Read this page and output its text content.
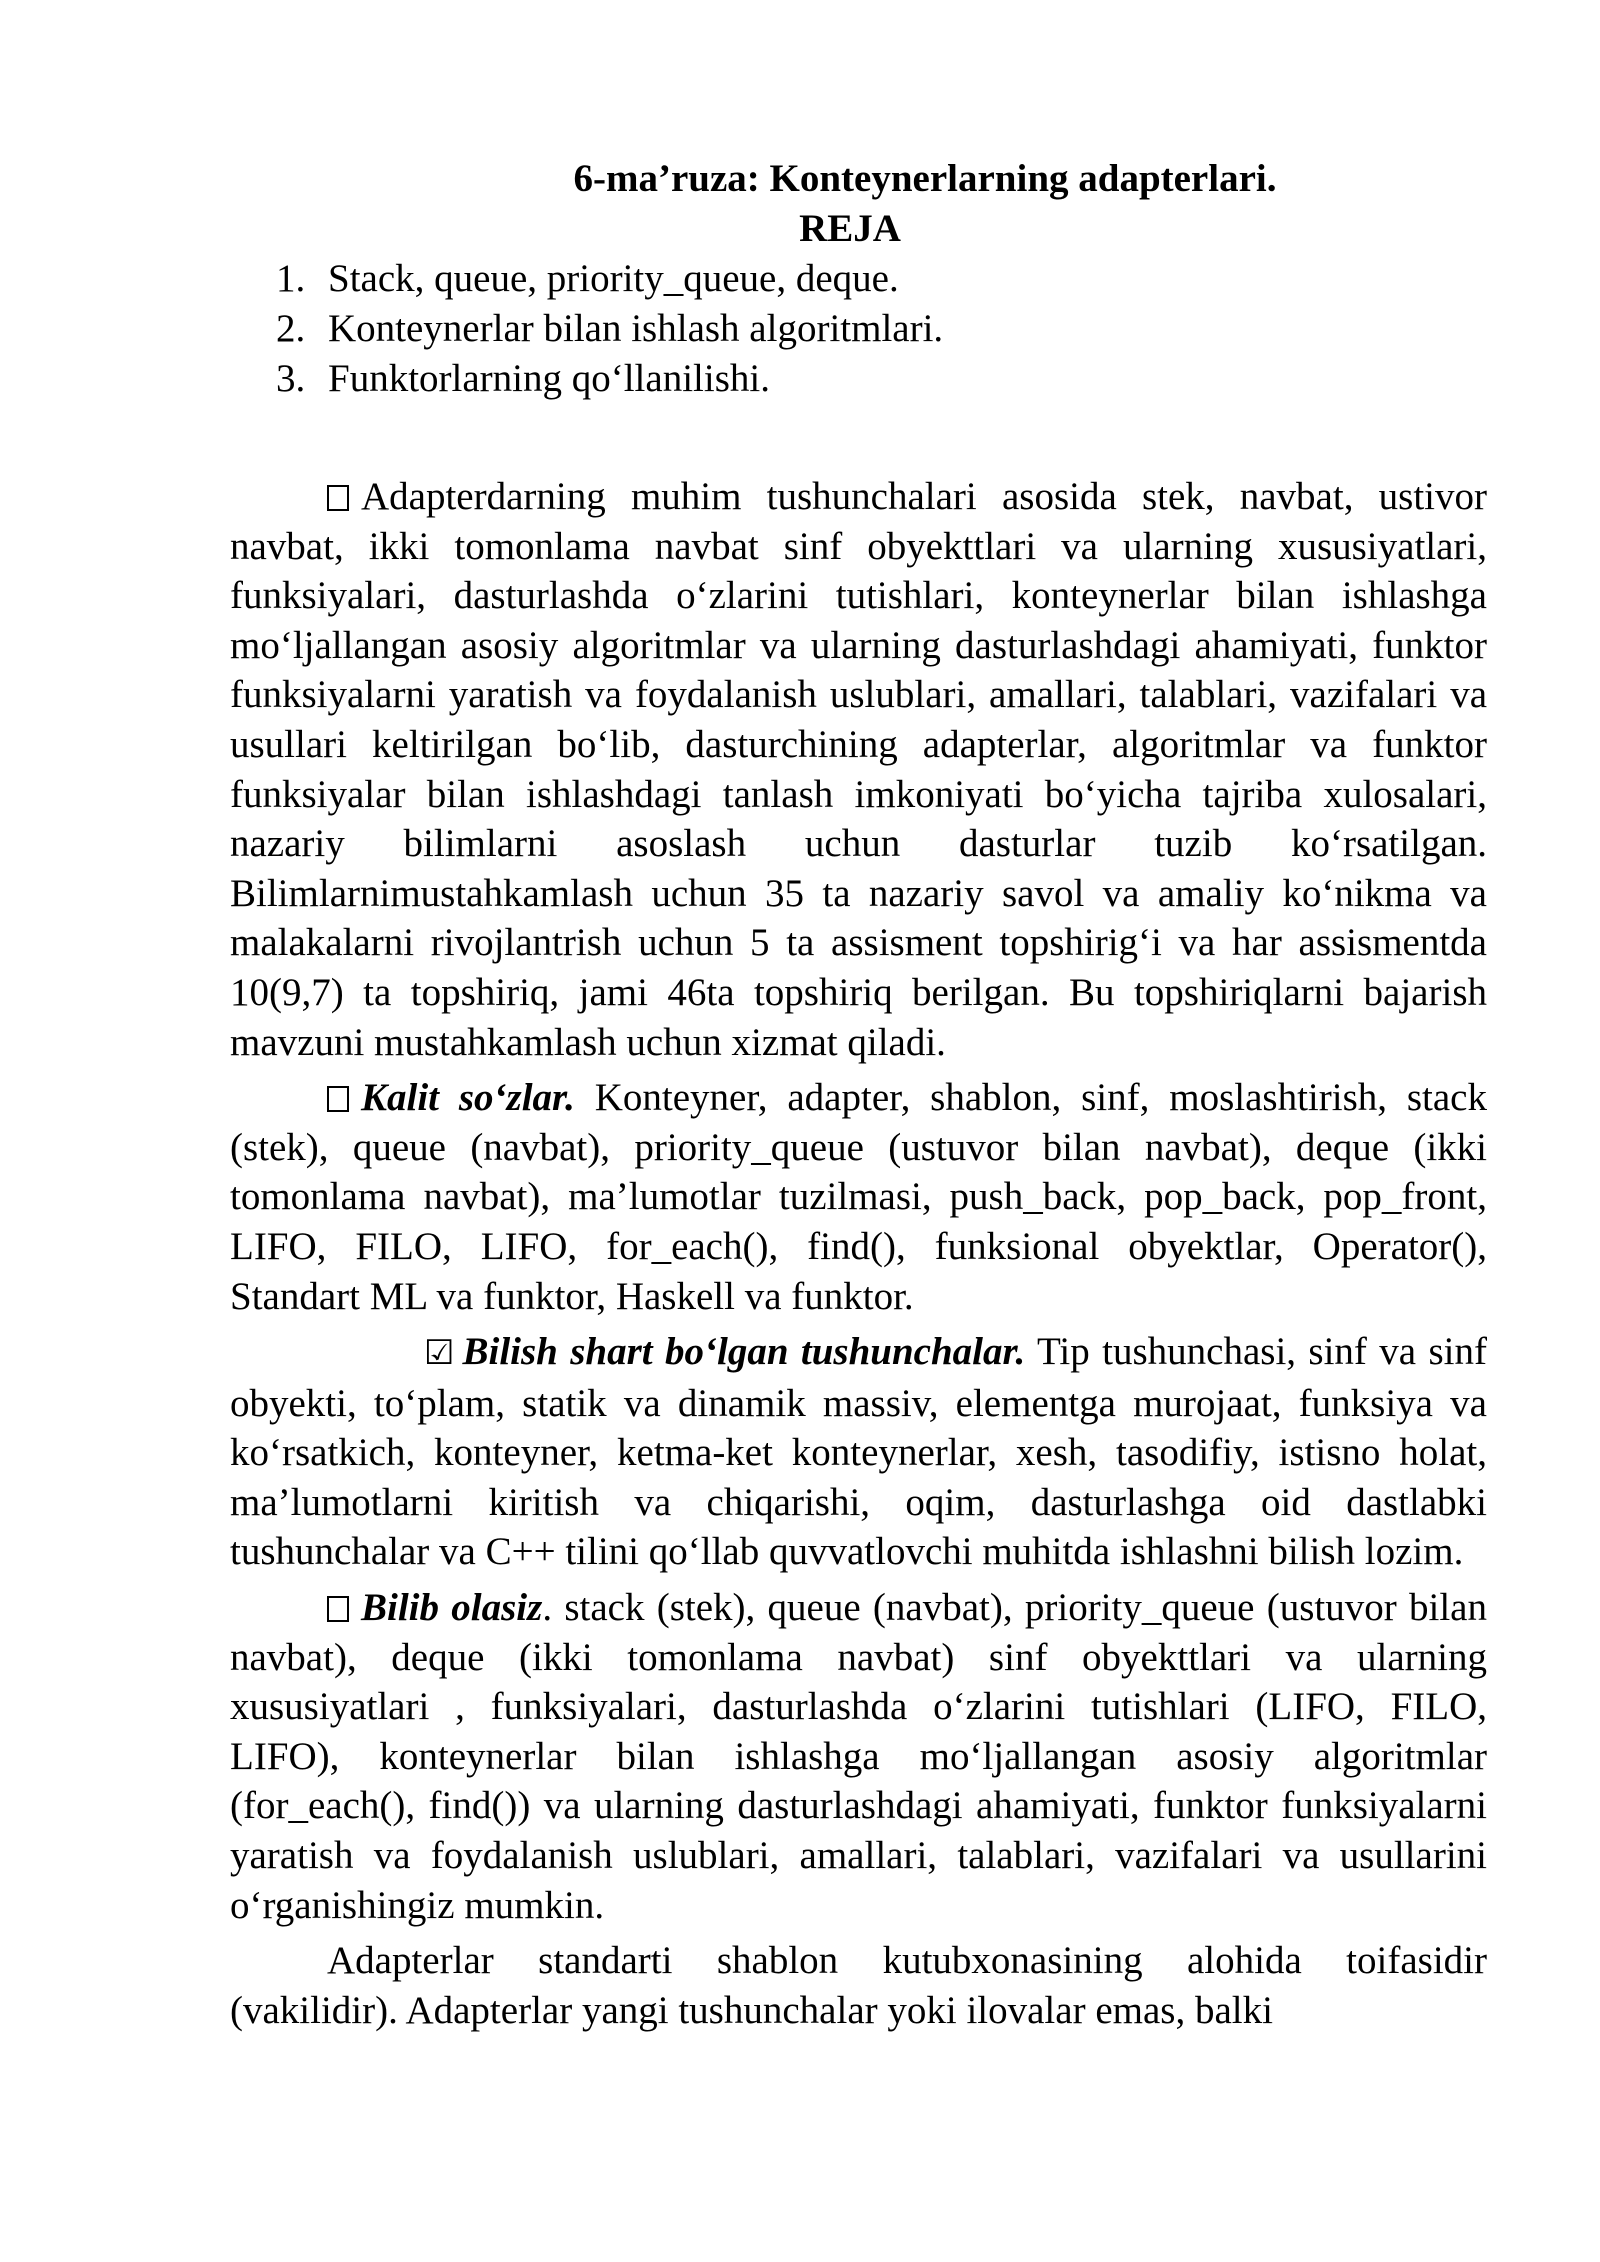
6-ma’ruza: Konteynerlarning adapterlari.
REJA
1. Stack, queue, priority_queue, deque.
2. Konteynerlar bilan ishlash algoritmlari.
3. Funktorlarning qo‘llanilishi.

Adapterdarning muhim tushunchalari asosida stek, navbat, ustivor navbat, ikki tomonlama navbat sinf obyekttlari va ularning xususiyatlari, funksiyalari, dasturlashda o‘zlarini tutishlari, konteynerlar bilan ishlashga mo‘ljallangan asosiy algoritmlar va ularning dasturlashdagi ahamiyati, funktor funksiyalarni yaratish va foydalanish uslublari, amallari, talablari, vazifalari va usullari keltirilgan bo‘lib, dasturchining adapterlar, algoritmlar va funktor funksiyalar bilan ishlashdagi tanlash imkoniyati bo‘yicha tajriba xulosalari, nazariy bilimlarni asoslash uchun dasturlar tuzib ko‘rsatilgan. Bilimlarnimustahkamlash uchun 35 ta nazariy savol va amaliy ko‘nikma va malakalarni rivojlantrish uchun 5 ta assisment topshirig‘i va har assismentda 10(9,7) ta topshiriq, jami 46ta topshiriq berilgan. Bu topshiriqlarni bajarish mavzuni mustahkamlash uchun xizmat qiladi.

Kalit so‘zlar. Konteyner, adapter, shablon, sinf, moslashtirish, stack (stek), queue (navbat), priority_queue (ustuvor bilan navbat), deque (ikki tomonlama navbat), ma’lumotlar tuzilmasi, push_back, pop_back, pop_front, LIFO, FILO, LIFO, for_each(), find(), funksional obyektlar, Operator(), Standart ML va funktor, Haskell va funktor.

☑ Bilish shart bo‘lgan tushunchalar. Tip tushunchasi, sinf va sinf obyekti, to‘plam, statik va dinamik massiv, elementga murojaat, funksiya va ko‘rsatkich, konteyner, ketma-ket konteynerlar, xesh, tasodifiy, istisno holat, ma’lumotlarni kiritish va chiqarishi, oqim, dasturlashga oid dastlabki tushunchalar va C++ tilini qo‘llab quvvatlovchi muhitda ishlashni bilish lozim.

Bilib olasiz. stack (stek), queue (navbat), priority_queue (ustuvor bilan navbat), deque (ikki tomonlama navbat) sinf obyekttlari va ularning xususiyatlari , funksiyalari, dasturlashda o‘zlarini tutishlari (LIFO, FILO, LIFO), konteynerlar bilan ishlashga mo‘ljallangan asosiy algoritmlar (for_each(), find()) va ularning dasturlashdagi ahamiyati, funktor funksiyalarni yaratish va foydalanish uslublari, amallari, talablari, vazifalari va usullarini o‘rganishingiz mumkin.

Adapterlar standarti shablon kutubxonasining alohida toifasidir (vakilidir). Adapterlar yangi tushunchalar yoki ilovalar emas, balki
